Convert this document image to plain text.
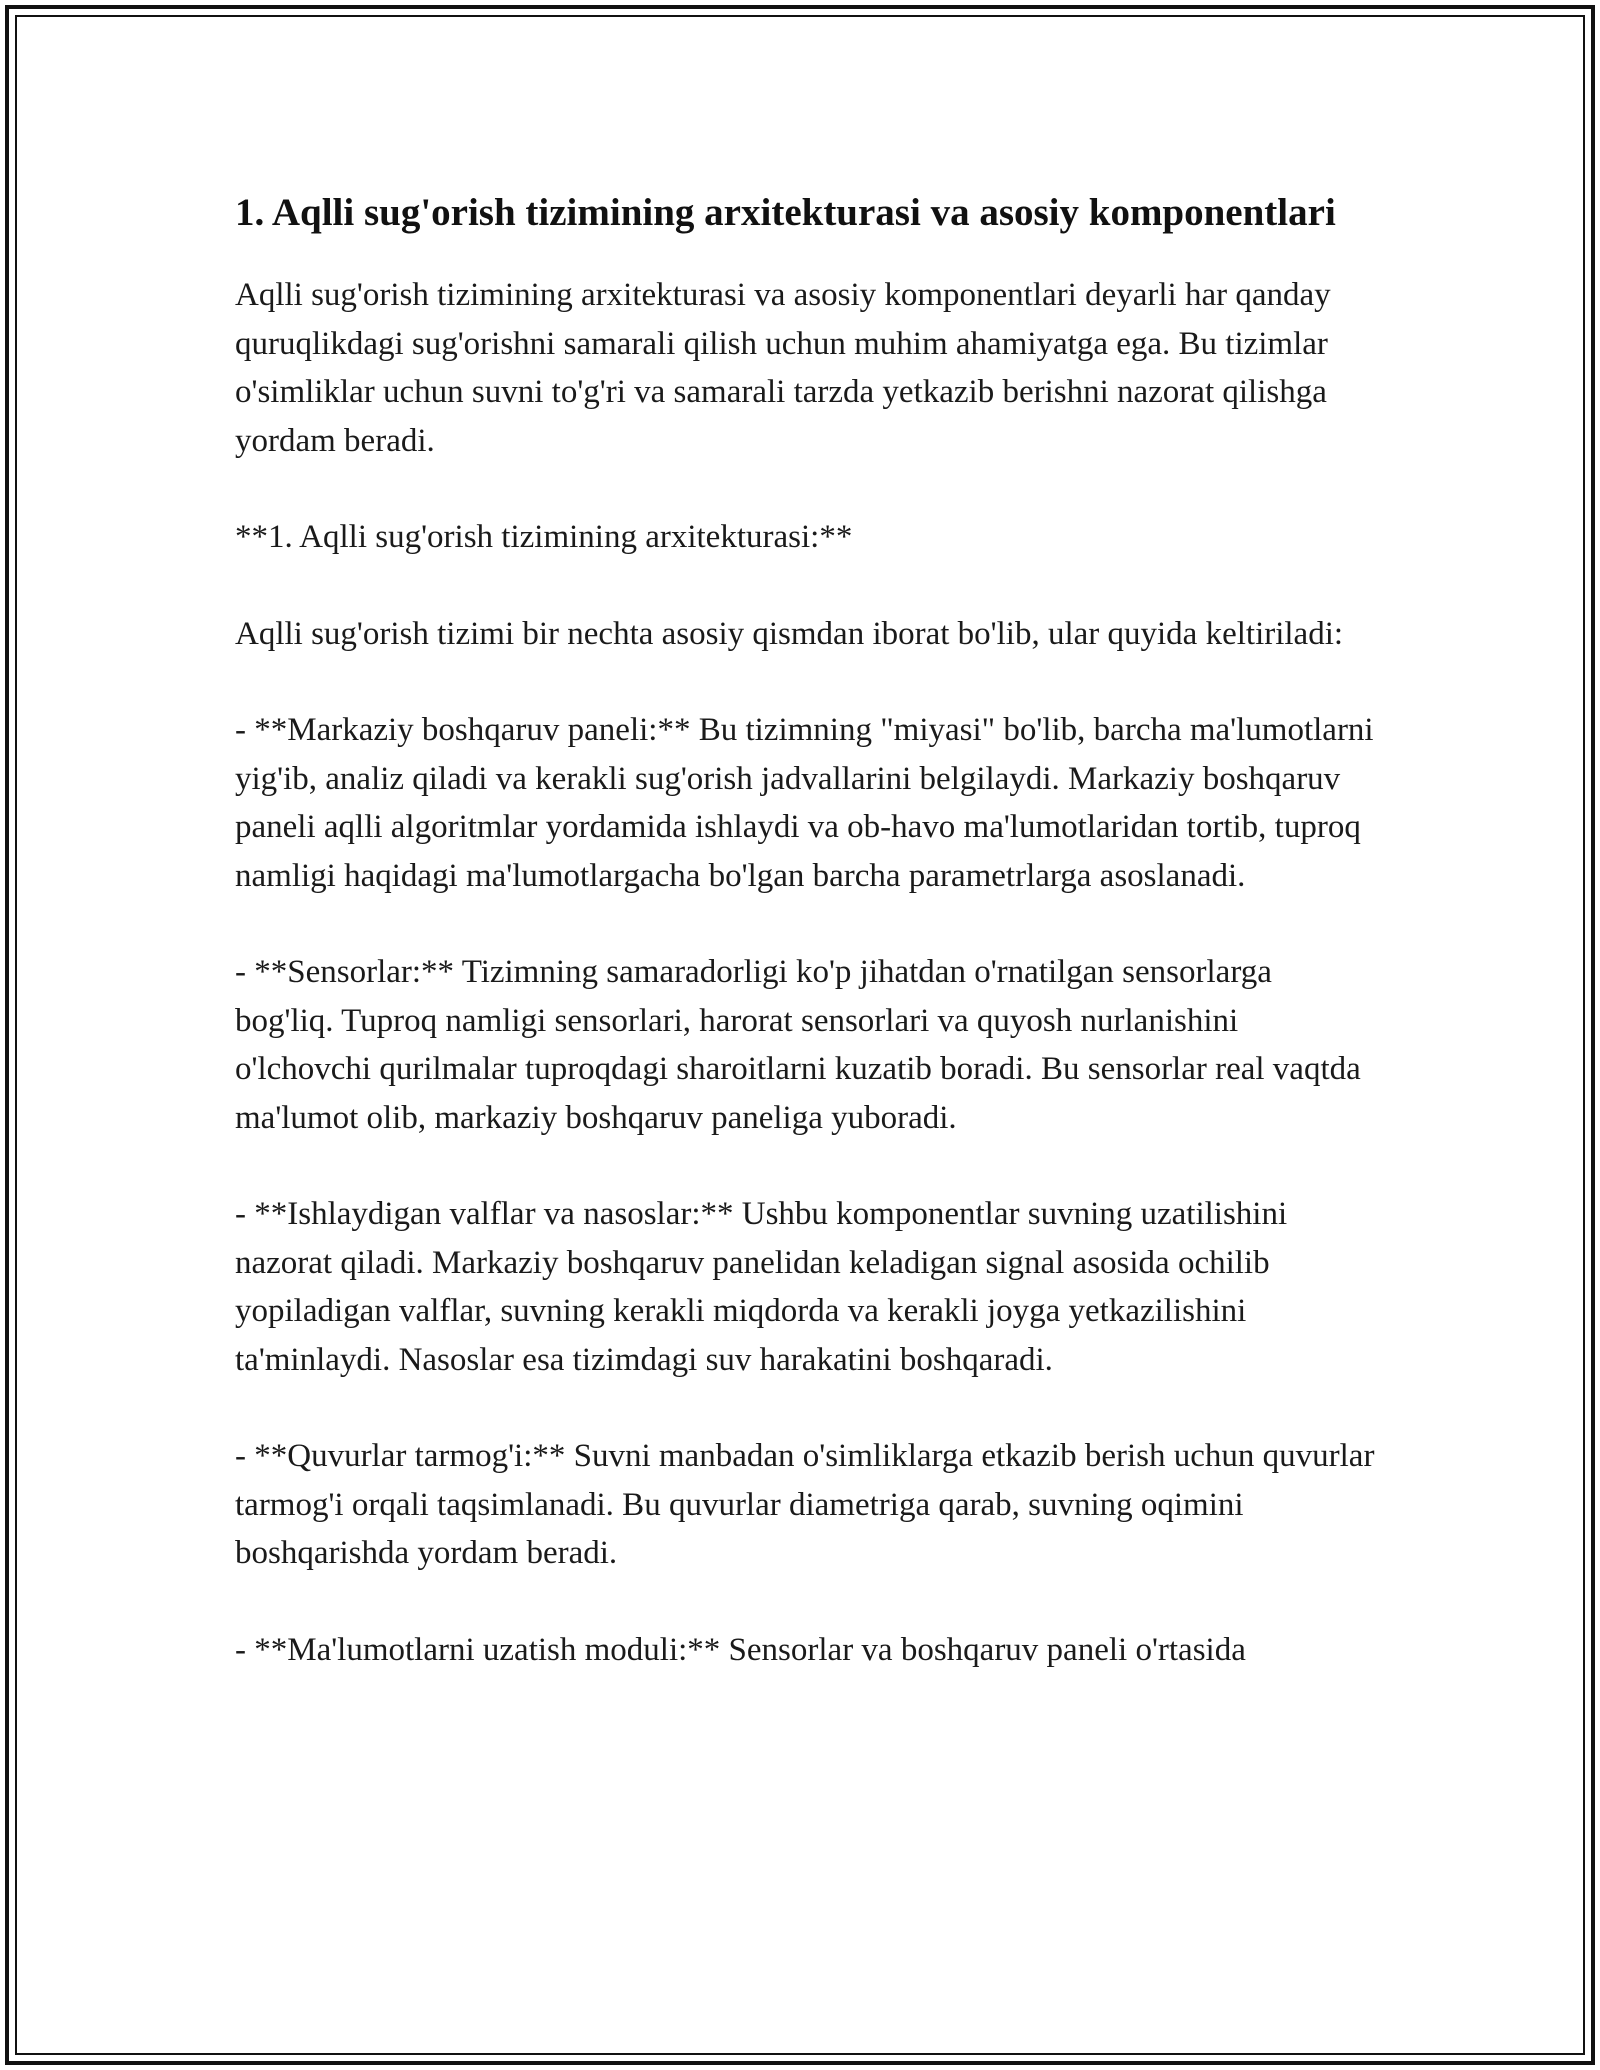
1. Aqlli sug'orish tizimining arxitekturasi va asosiy komponentlari

Aqlli sug'orish tizimining arxitekturasi va asosiy komponentlari deyarli har qanday quruqlikdagi sug'orishni samarali qilish uchun muhim ahamiyatga ega. Bu tizimlar o'simliklar uchun suvni to'g'ri va samarali tarzda yetkazib berishni nazorat qilishga yordam beradi.

**1. Aqlli sug'orish tizimining arxitekturasi:**

Aqlli sug'orish tizimi bir nechta asosiy qismdan iborat bo'lib, ular quyida keltiriladi:

- **Markaziy boshqaruv paneli:** Bu tizimning "miyasi" bo'lib, barcha ma'lumotlarni yig'ib, analiz qiladi va kerakli sug'orish jadvallarini belgilaydi. Markaziy boshqaruv paneli aqlli algoritmlar yordamida ishlaydi va ob-havo ma'lumotlaridan tortib, tuproq namligi haqidagi ma'lumotlargacha bo'lgan barcha parametrlarga asoslanadi.

- **Sensorlar:** Tizimning samaradorligi ko'p jihatdan o'rnatilgan sensorlarga bog'liq. Tuproq namligi sensorlari, harorat sensorlari va quyosh nurlanishini o'lchovchi qurilmalar tuproqdagi sharoitlarni kuzatib boradi. Bu sensorlar real vaqtda ma'lumot olib, markaziy boshqaruv paneliga yuboradi.

- **Ishlaydigan valflar va nasoslar:** Ushbu komponentlar suvning uzatilishini nazorat qiladi. Markaziy boshqaruv panelidan keladigan signal asosida ochilib yopiladigan valflar, suvning kerakli miqdorda va kerakli joyga yetkazilishini ta'minlaydi. Nasoslar esa tizimdagi suv harakatini boshqaradi.

- **Quvurlar tarmog'i:** Suvni manbadan o'simliklarga etkazib berish uchun quvurlar tarmog'i orqali taqsimlanadi. Bu quvurlar diametriga qarab, suvning oqimini boshqarishda yordam beradi.

- **Ma'lumotlarni uzatish moduli:** Sensorlar va boshqaruv paneli o'rtasida
